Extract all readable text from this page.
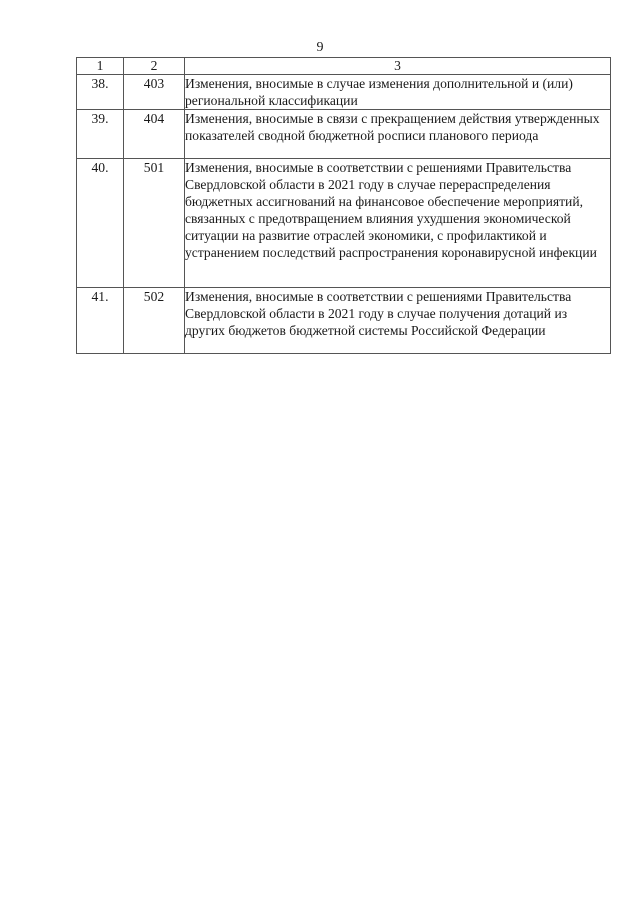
9
1	2	3
38.	403	Изменения, вносимые в случае изменения дополнительной и (или) региональной классификации
39.	404	Изменения, вносимые в связи с прекращением действия утвержденных показателей сводной бюджетной росписи планового периода
40.	501	Изменения, вносимые в соответствии с решениями Правительства Свердловской области в 2021 году в случае перераспределения бюджетных ассигнований на финансовое обеспечение мероприятий, связанных с предотвращением влияния ухудшения экономической ситуации на развитие отраслей экономики, с профилактикой и устранением последствий распространения коронавирусной инфекции
41.	502	Изменения, вносимые в соответствии с решениями Правительства Свердловской области в 2021 году в случае получения дотаций из других бюджетов бюджетной системы Российской Федерации
